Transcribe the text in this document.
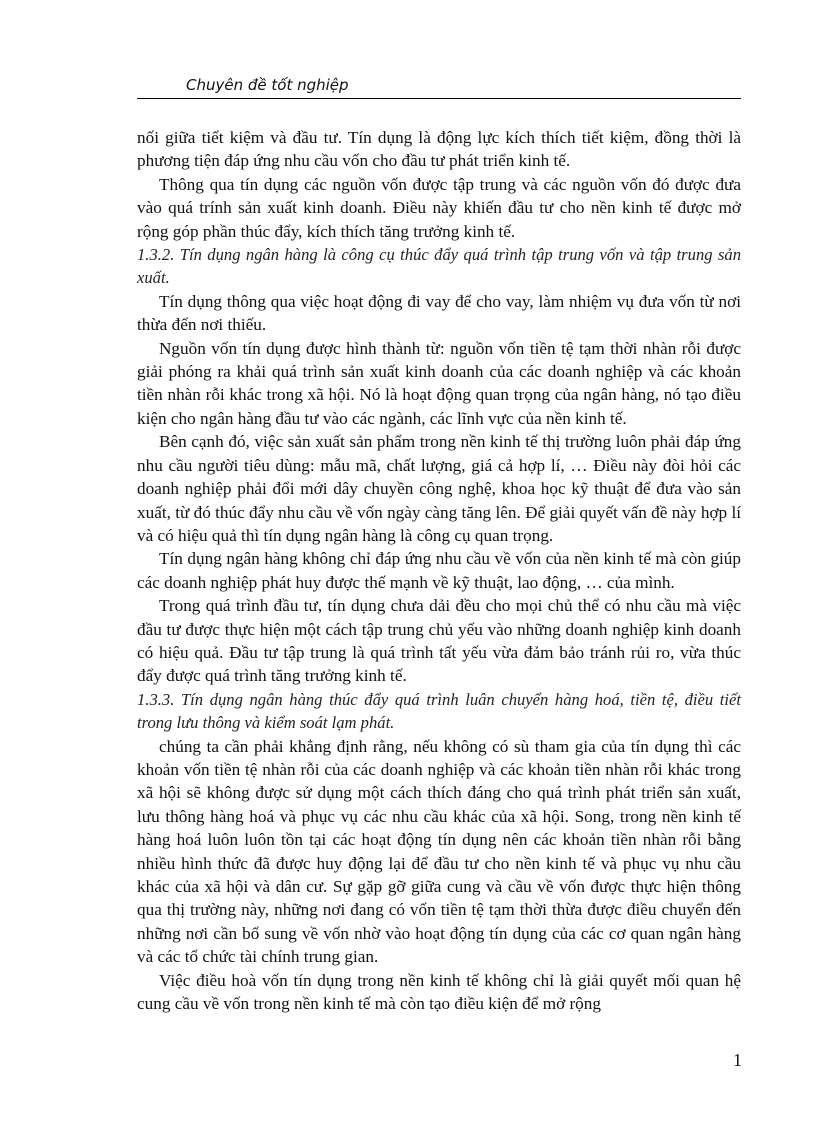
Chuyên đề tốt nghiệp

nối giữa tiết kiệm và đầu tư. Tín dụng là động lực kích thích tiết kiệm, đồng thời là phương tiện đáp ứng nhu cầu vốn cho đầu tư phát triển kinh tế.

Thông qua tín dụng các nguồn vốn được tập trung và các nguồn vốn đó được đưa vào quá trính sản xuất kinh doanh. Điều này khiến đầu tư cho nền kinh tế được mở rộng góp phần thúc đẩy, kích thích tăng trưởng kinh tế.

1.3.2. Tín dụng ngân hàng là công cụ thúc đẩy quá trình tập trung vốn và tập trung sản xuất.

Tín dụng thông qua việc hoạt động đi vay để cho vay, làm nhiệm vụ đưa vốn từ nơi thừa đến nơi thiếu.

Nguồn vốn tín dụng được hình thành từ: nguồn vốn tiền tệ tạm thời nhàn rỗi được giải phóng ra khải quá trình sản xuất kinh doanh của các doanh nghiệp và các khoản tiền nhàn rỗi khác trong xã hội. Nó là hoạt động quan trọng của ngân hàng, nó tạo điều kiện cho ngân hàng đầu tư vào các ngành, các lĩnh vực của nền kinh tế.

Bên cạnh đó, việc sản xuất sản phẩm trong nền kinh tế thị trường luôn phải đáp ứng nhu cầu người tiêu dùng: mẫu mã, chất lượng, giá cả hợp lí, … Điều này đòi hỏi các doanh nghiệp phải đổi mới dây chuyền công nghệ, khoa học kỹ thuật để đưa vào sản xuất, từ đó thúc đẩy nhu cầu về vốn ngày càng tăng lên. Để giải quyết vấn đề này hợp lí và có hiệu quả thì tín dụng ngân hàng là công cụ quan trọng.

Tín dụng ngân hàng không chỉ đáp ứng nhu cầu về vốn của nền kinh tế mà còn giúp các doanh nghiệp phát huy được thế mạnh về kỹ thuật, lao động, … của mình.

Trong quá trình đầu tư, tín dụng chưa dải đều cho mọi chủ thể có nhu cầu mà việc đầu tư được thực hiện một cách tập trung chủ yếu vào những doanh nghiệp kinh doanh có hiệu quả. Đầu tư tập trung là quá trình tất yếu vừa đảm bảo tránh rủi ro, vừa thúc đẩy được quá trình tăng trưởng kinh tế.

1.3.3. Tín dụng ngân hàng thúc đẩy quá trình luân chuyển hàng hoá, tiền tệ, điều tiết trong lưu thông và kiểm soát lạm phát.

chúng ta cần phải khẳng định rằng, nếu không có sù tham gia của tín dụng thì các khoản vốn tiền tệ nhàn rỗi của các doanh nghiệp và các khoản tiền nhàn rỗi khác trong xã hội sẽ không được sử dụng một cách thích đáng cho quá trình phát triển sản xuất, lưu thông hàng hoá và phục vụ các nhu cầu khác của xã hội. Song, trong nền kinh tế hàng hoá luôn luôn tồn tại các hoạt động tín dụng nên các khoản tiền nhàn rỗi bằng nhiều hình thức đã được huy động lại để đầu tư cho nền kinh tế và phục vụ nhu cầu khác của xã hội và dân cư. Sự gặp gỡ giữa cung và cầu về vốn được thực hiện thông qua thị trường này, những nơi đang có vốn tiền tệ tạm thời thừa được điều chuyển đến những nơi cần bổ sung về vốn nhờ vào hoạt động tín dụng của các cơ quan ngân hàng và các tổ chức tài chính trung gian.

Việc điều hoà vốn tín dụng trong nền kinh tế không chỉ là giải quyết mối quan hệ cung cầu về vốn trong nền kinh tế mà còn tạo điều kiện để mở rộng

1
